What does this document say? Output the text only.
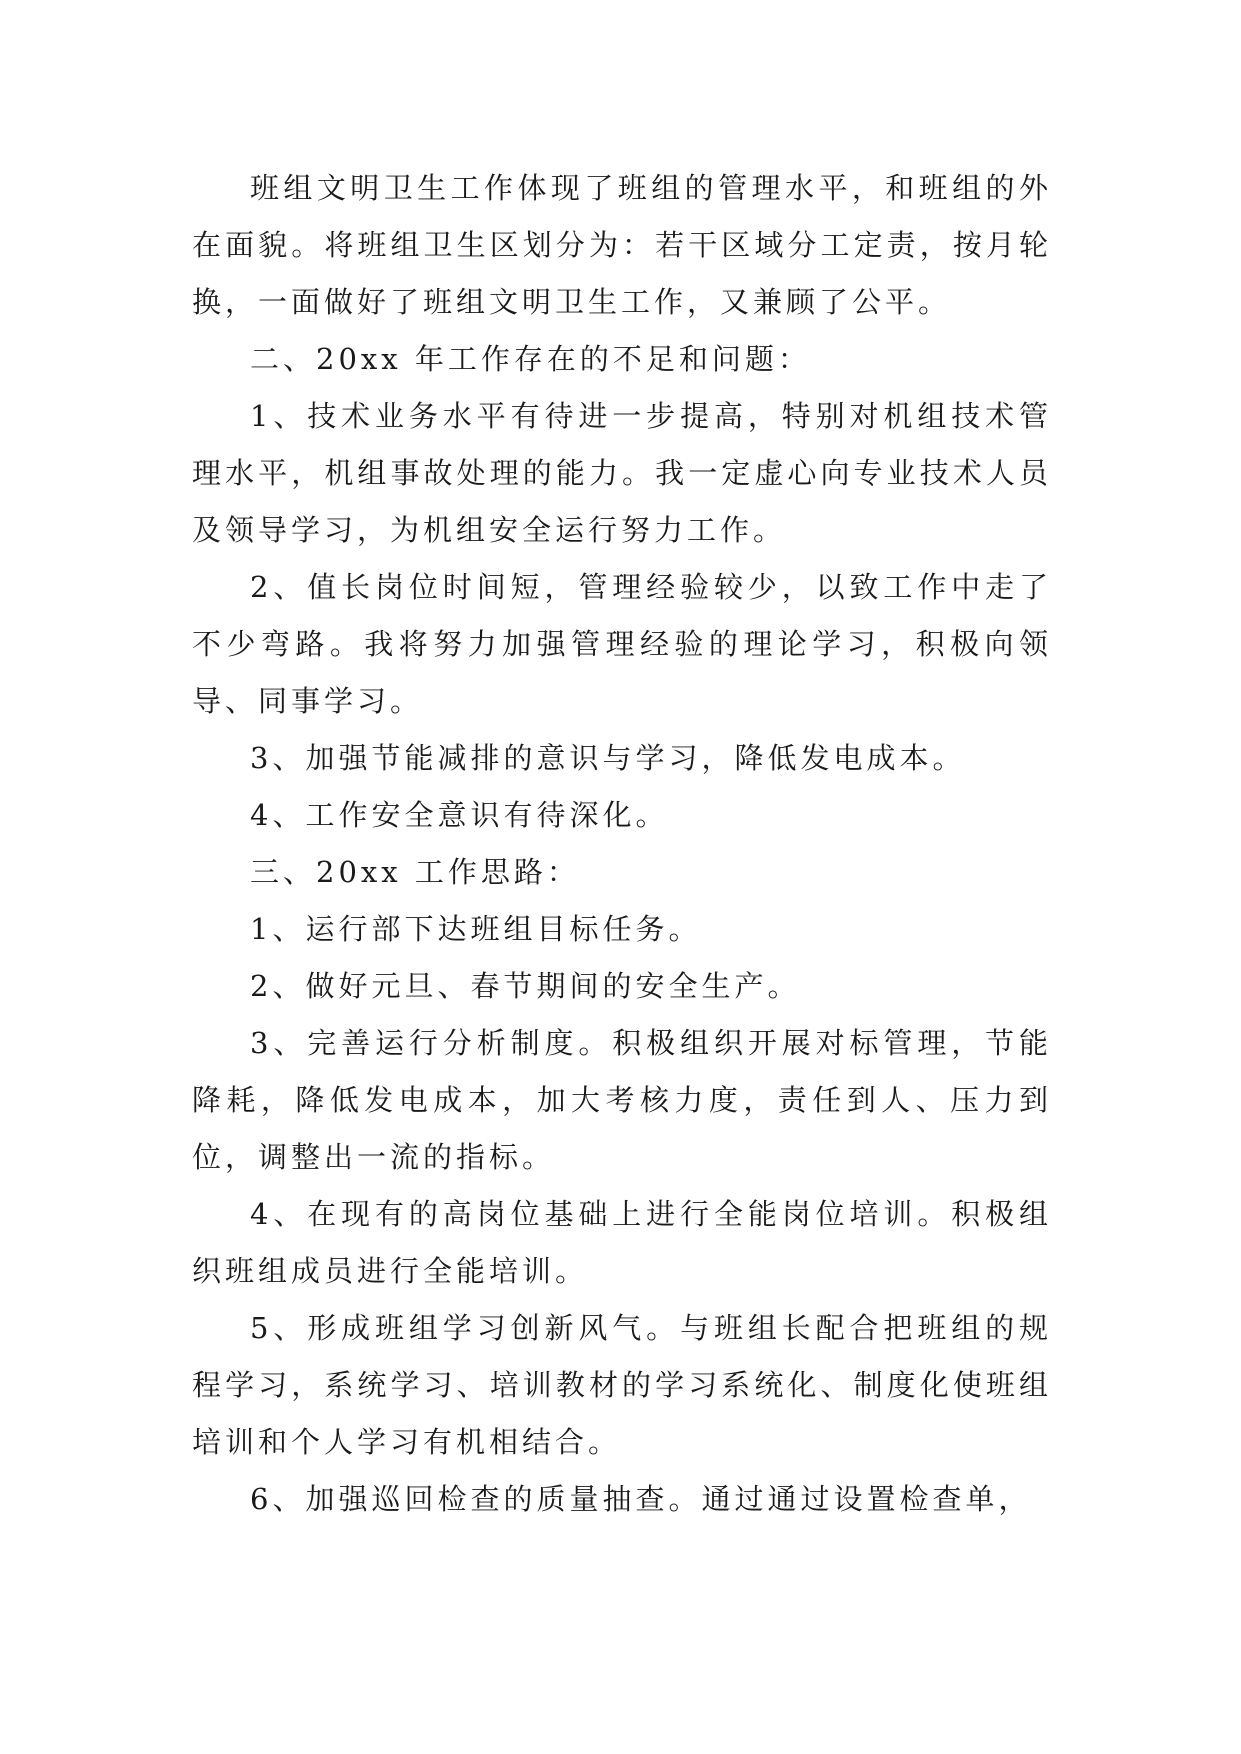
班组文明卫生工作体现了班组的管理水平，和班组的外在面貌。将班组卫生区划分为：若干区域分工定责，按月轮换，一面做好了班组文明卫生工作，又兼顾了公平。

二、20xx 年工作存在的不足和问题：

1、技术业务水平有待进一步提高，特别对机组技术管理水平，机组事故处理的能力。我一定虚心向专业技术人员及领导学习，为机组安全运行努力工作。

2、值长岗位时间短，管理经验较少，以致工作中走了不少弯路。我将努力加强管理经验的理论学习，积极向领导、同事学习。

3、加强节能减排的意识与学习，降低发电成本。

4、工作安全意识有待深化。

三、20xx 工作思路：

1、运行部下达班组目标任务。

2、做好元旦、春节期间的安全生产。

3、完善运行分析制度。积极组织开展对标管理，节能降耗，降低发电成本，加大考核力度，责任到人、压力到位，调整出一流的指标。

4、在现有的高岗位基础上进行全能岗位培训。积极组织班组成员进行全能培训。

5、形成班组学习创新风气。与班组长配合把班组的规程学习，系统学习、培训教材的学习系统化、制度化使班组培训和个人学习有机相结合。

6、加强巡回检查的质量抽查。通过通过设置检查单，
